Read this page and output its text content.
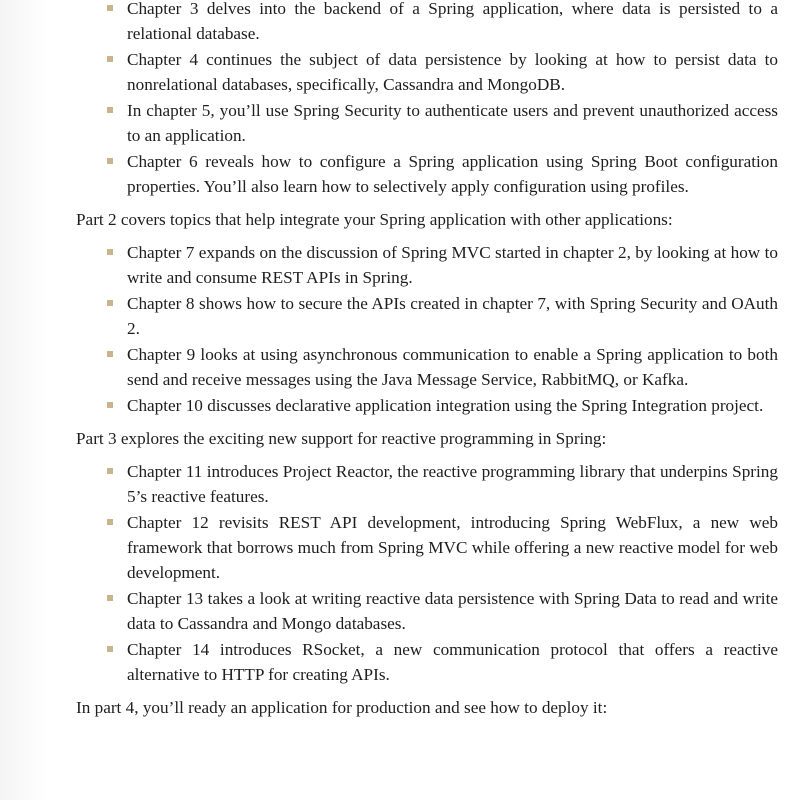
Chapter 3 delves into the backend of a Spring application, where data is persisted to a relational database.
Chapter 4 continues the subject of data persistence by looking at how to persist data to nonrelational databases, specifically, Cassandra and MongoDB.
In chapter 5, you’ll use Spring Security to authenticate users and prevent unauthorized access to an application.
Chapter 6 reveals how to configure a Spring application using Spring Boot configuration properties. You’ll also learn how to selectively apply configuration using profiles.

Part 2 covers topics that help integrate your Spring application with other applications:

Chapter 7 expands on the discussion of Spring MVC started in chapter 2, by looking at how to write and consume REST APIs in Spring.
Chapter 8 shows how to secure the APIs created in chapter 7, with Spring Security and OAuth 2.
Chapter 9 looks at using asynchronous communication to enable a Spring application to both send and receive messages using the Java Message Service, RabbitMQ, or Kafka.
Chapter 10 discusses declarative application integration using the Spring Integration project.

Part 3 explores the exciting new support for reactive programming in Spring:

Chapter 11 introduces Project Reactor, the reactive programming library that underpins Spring 5’s reactive features.
Chapter 12 revisits REST API development, introducing Spring WebFlux, a new web framework that borrows much from Spring MVC while offering a new reactive model for web development.
Chapter 13 takes a look at writing reactive data persistence with Spring Data to read and write data to Cassandra and Mongo databases.
Chapter 14 introduces RSocket, a new communication protocol that offers a reactive alternative to HTTP for creating APIs.

In part 4, you’ll ready an application for production and see how to deploy it:
